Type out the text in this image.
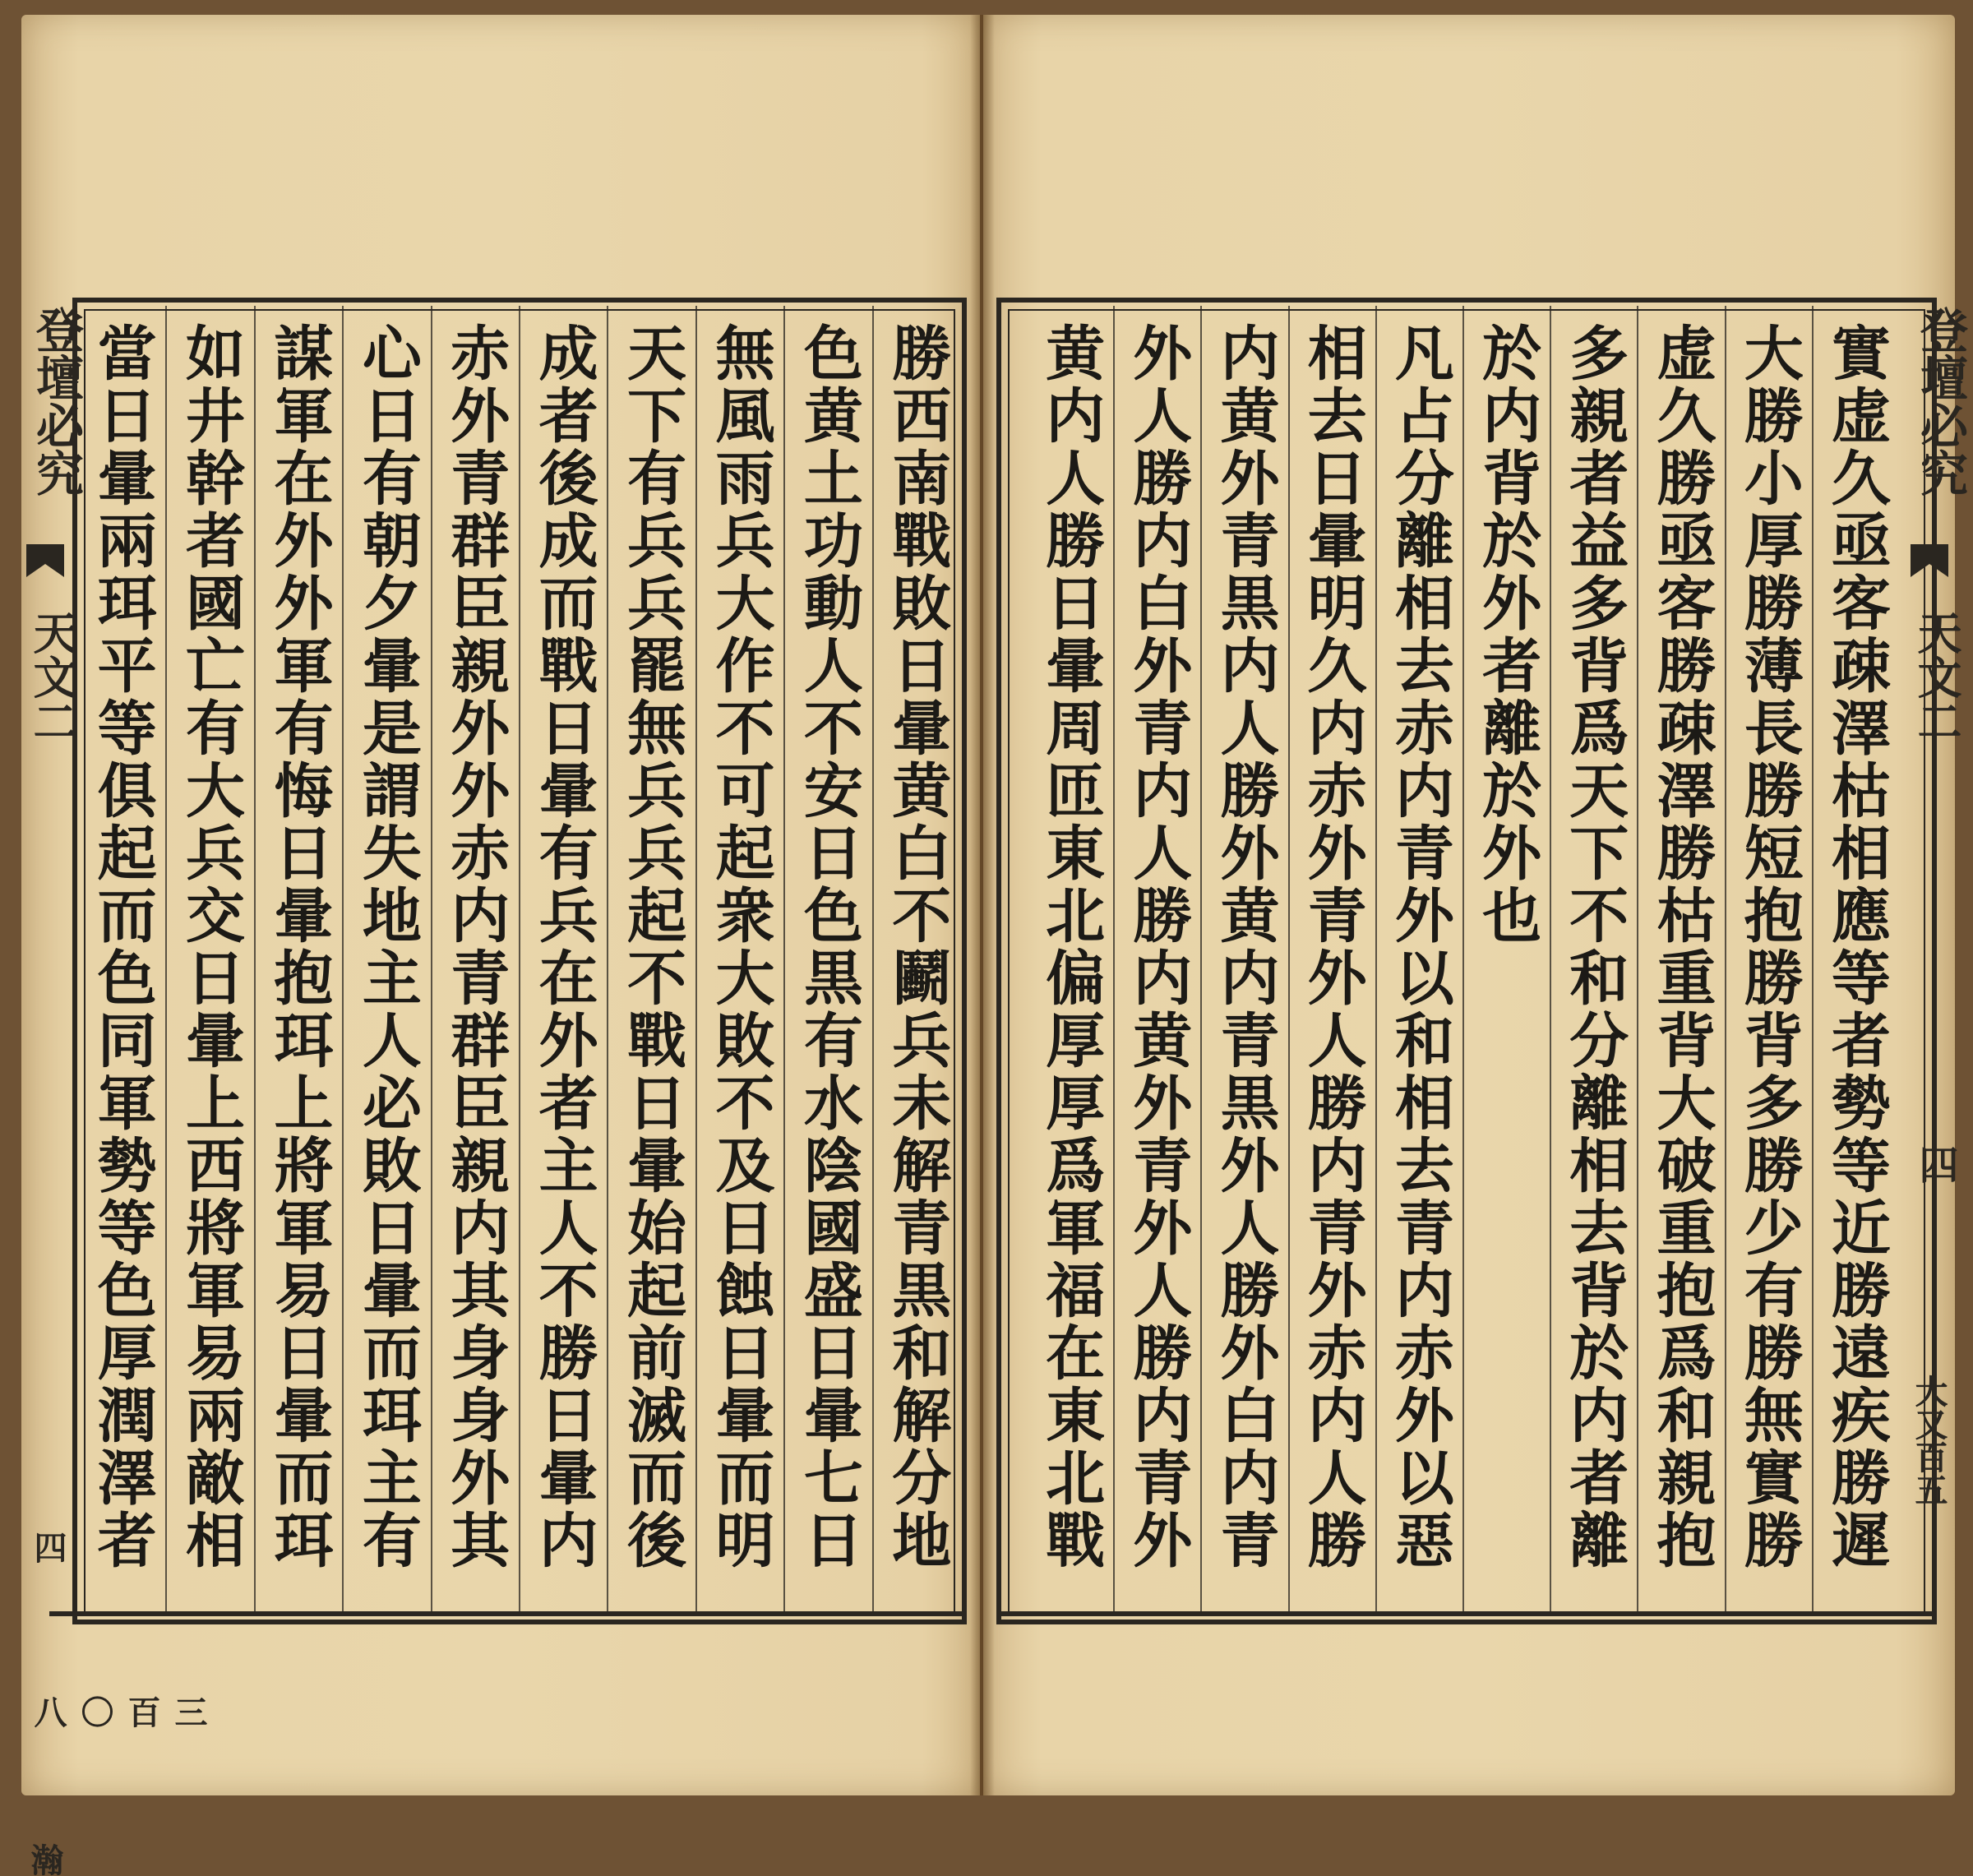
登壇必究
天文二
四
三百〇八
瀚
勝西南戰敗日暈黄白不鬬兵未解青黒和解分地
色黄土功動人不安日色黒有水陰國盛日暈七日
無風雨兵大作不可起衆大敗不及日蝕日暈而明
天下有兵兵罷無兵兵起不戰日暈始起前滅而後
成者後成而戰日暈有兵在外者主人不勝日暈内
赤外青群臣親外外赤内青群臣親内其身身外其
心日有朝夕暈是謂失地主人必敗日暈而珥主有
謀軍在外外軍有悔日暈抱珥上將軍易日暈而珥
如井幹者國亡有大兵交日暈上西將軍易兩敵相
當日暈兩珥平等俱起而色同軍勢等色厚潤澤者	實虚久亟客疎澤枯相應等者勢等近勝遠疾勝遲
大勝小厚勝薄長勝短抱勝背多勝少有勝無實勝
虚久勝亟客勝疎澤勝枯重背大破重抱爲和親抱
多親者益多背爲天下不和分離相去背於内者離
於内背於外者離於外也
凡占分離相去赤内青外以和相去青内赤外以惡
相去日暈明久内赤外青外人勝内青外赤内人勝
内黄外青黒内人勝外黄内青黒外人勝外白内青
外人勝内白外青内人勝内黄外青外人勝内青外
黄内人勝日暈周匝東北偏厚厚爲軍福在東北戰	登壇必究
天文二
四
大又百五
